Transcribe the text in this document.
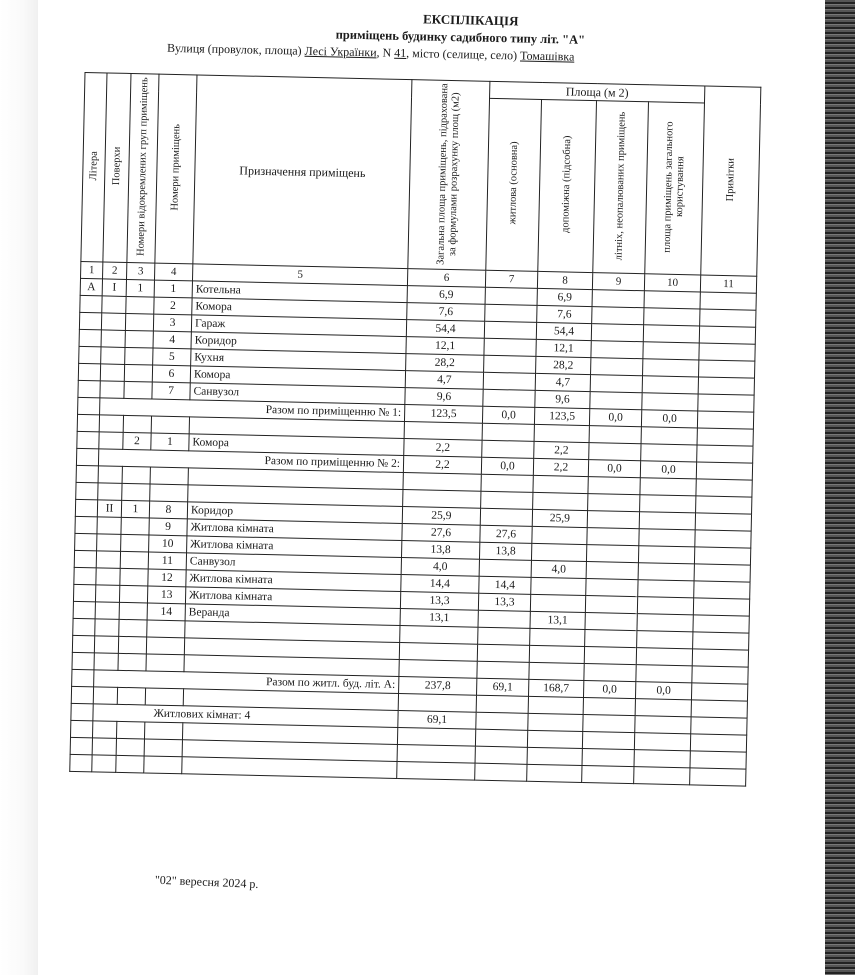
ЕКСПЛІКАЦІЯ
приміщень будинку садибного типу літ. "А"
Вулиця (провулок, площа) Лесі Українки, N 41, місто (селище, село) Томашівка
Літера	Поверхи	Номери відокремлених груп приміщень	Номери приміщень	Призначення приміщень	Загальна площа приміщень, підрахована за формулами розрахунку площ (м2)	Площа (м 2)				Примітки
						житлова (основна)	допоміжна (підсобна)	літніх, неопалюваних приміщень	площа приміщень загального користування	
1	2	3	4	5	6	7	8	9	10	11
А	I	1	1	Котельна	6,9		6,9			
			2	Комора	7,6		7,6			
			3	Гараж	54,4		54,4			
			4	Коридор	12,1		12,1			
			5	Кухня	28,2		28,2			
			6	Комора	4,7		4,7			
			7	Санвузол	9,6		9,6			
	Разом по приміщенню № 1:				123,5	0,0	123,5	0,0	0,0	

		2	1	Комора	2,2		2,2			
	Разом по приміщенню № 2:				2,2	0,0	2,2	0,0	0,0	

	II	1	8	Коридор	25,9		25,9			
			9	Житлова кімната	27,6	27,6				
			10	Житлова кімната	13,8	13,8				
			11	Санвузол	4,0		4,0			
			12	Житлова кімната	14,4	14,4				
			13	Житлова кімната	13,3	13,3				
			14	Веранда	13,1		13,1			

	Разом по житл. буд. літ. А:				237,8	69,1	168,7	0,0	0,0	

	Житлових кімнат: 4				69,1					

"02" вересня 2024 р.
